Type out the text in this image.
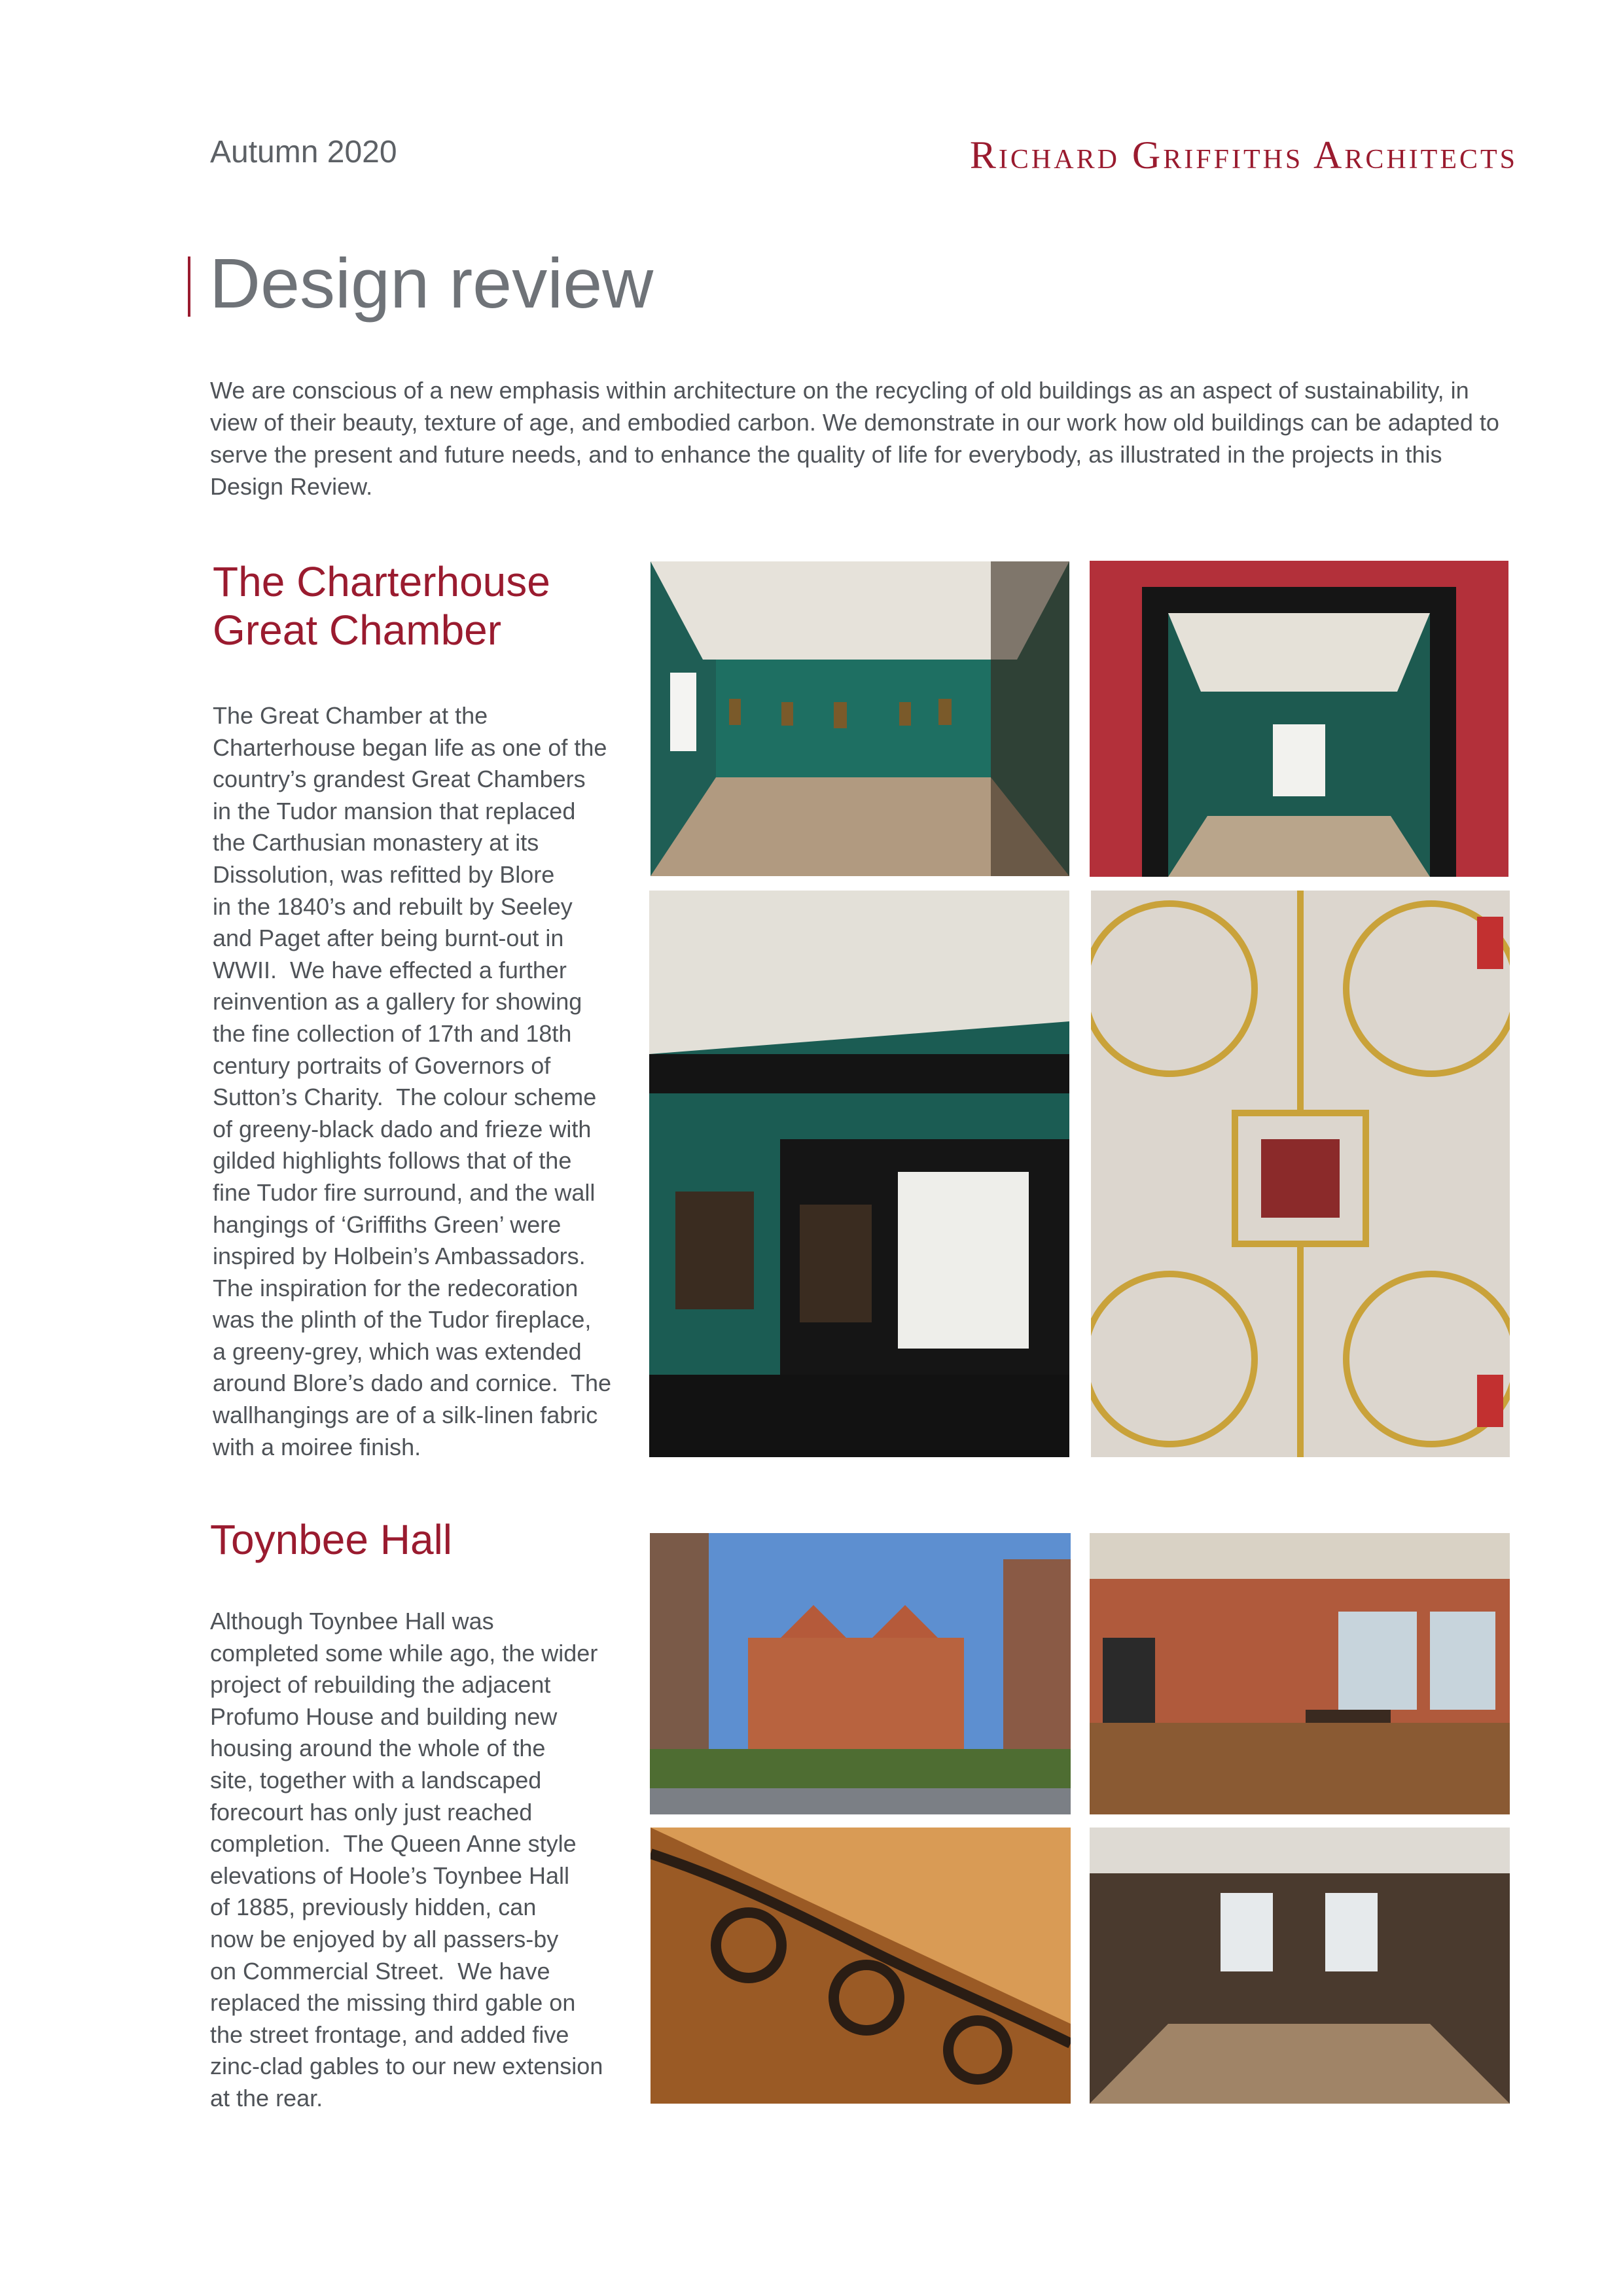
Autumn 2020	Richard Griffiths Architects
Design review

We are conscious of a new emphasis within architecture on the recycling of old buildings as an aspect of sustainability, in view of their beauty, texture of age, and embodied carbon. We demonstrate in our work how old buildings can be adapted to serve the present and future needs, and to enhance the quality of life for everybody, as illustrated in the projects in this Design Review.

The Charterhouse
Great Chamber
The Great Chamber at the
Charterhouse began life as one of the
country’s grandest Great Chambers
in the Tudor mansion that replaced
the Carthusian monastery at its
Dissolution, was refitted by Blore
in the 1840’s and rebuilt by Seeley
and Paget after being burnt-out in
WWII.  We have effected a further
reinvention as a gallery for showing
the fine collection of 17th and 18th
century portraits of Governors of
Sutton’s Charity.  The colour scheme
of greeny-black dado and frieze with
gilded highlights follows that of the
fine Tudor fire surround, and the wall
hangings of ‘Griffiths Green’ were
inspired by Holbein’s Ambassadors.
The inspiration for the redecoration
was the plinth of the Tudor fireplace,
a greeny-grey, which was extended
around Blore’s dado and cornice.  The
wallhangings are of a silk-linen fabric
with a moiree finish.
Toynbee Hall
Although Toynbee Hall was
completed some while ago, the wider
project of rebuilding the adjacent
Profumo House and building new
housing around the whole of the
site, together with a landscaped
forecourt has only just reached
completion.  The Queen Anne style
elevations of Hoole’s Toynbee Hall
of 1885, previously hidden, can
now be enjoyed by all passers-by
on Commercial Street.  We have
replaced the missing third gable on
the street frontage, and added five
zinc-clad gables to our new extension
at the rear.
